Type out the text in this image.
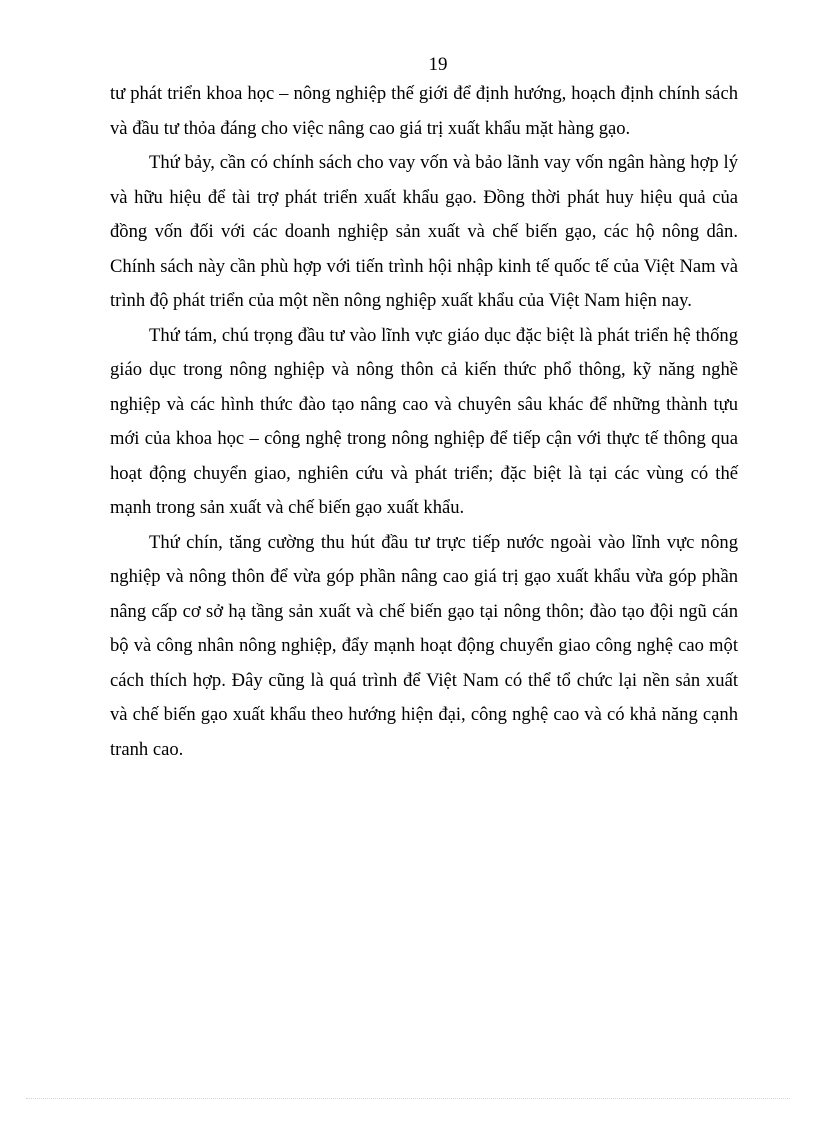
19

tư phát triển khoa học – nông nghiệp thế giới để định hướng, hoạch định chính sách và đầu tư thỏa đáng cho việc nâng cao giá trị xuất khẩu mặt hàng gạo.

Thứ bảy, cần có chính sách cho vay vốn và bảo lãnh vay vốn ngân hàng hợp lý và hữu hiệu để tài trợ phát triển xuất khẩu gạo. Đồng thời phát huy hiệu quả của đồng vốn đối với các doanh nghiệp sản xuất và chế biến gạo, các hộ nông dân. Chính sách này cần phù hợp với tiến trình hội nhập kinh tế quốc tế của Việt Nam và trình độ phát triển của một nền nông nghiệp xuất khẩu của Việt Nam hiện nay.

Thứ tám, chú trọng đầu tư vào lĩnh vực giáo dục đặc biệt là phát triển hệ thống giáo dục trong nông nghiệp và nông thôn cả kiến thức phổ thông, kỹ năng nghề nghiệp và các hình thức đào tạo nâng cao và chuyên sâu khác để những thành tựu mới của khoa học – công nghệ trong nông nghiệp để tiếp cận với thực tế thông qua hoạt động chuyển giao, nghiên cứu và phát triển; đặc biệt là tại các vùng có thế mạnh trong sản xuất và chế biến gạo xuất khẩu.

Thứ chín, tăng cường thu hút đầu tư trực tiếp nước ngoài vào lĩnh vực nông nghiệp và nông thôn để vừa góp phần nâng cao giá trị gạo xuất khẩu vừa góp phần nâng cấp cơ sở hạ tầng sản xuất và chế biến gạo tại nông thôn; đào tạo đội ngũ cán bộ và công nhân nông nghiệp, đẩy mạnh hoạt động chuyển giao công nghệ cao một cách thích hợp. Đây cũng là quá trình để Việt Nam có thể tổ chức lại nền sản xuất và chế biến gạo xuất khẩu theo hướng hiện đại, công nghệ cao và có khả năng cạnh tranh cao.
